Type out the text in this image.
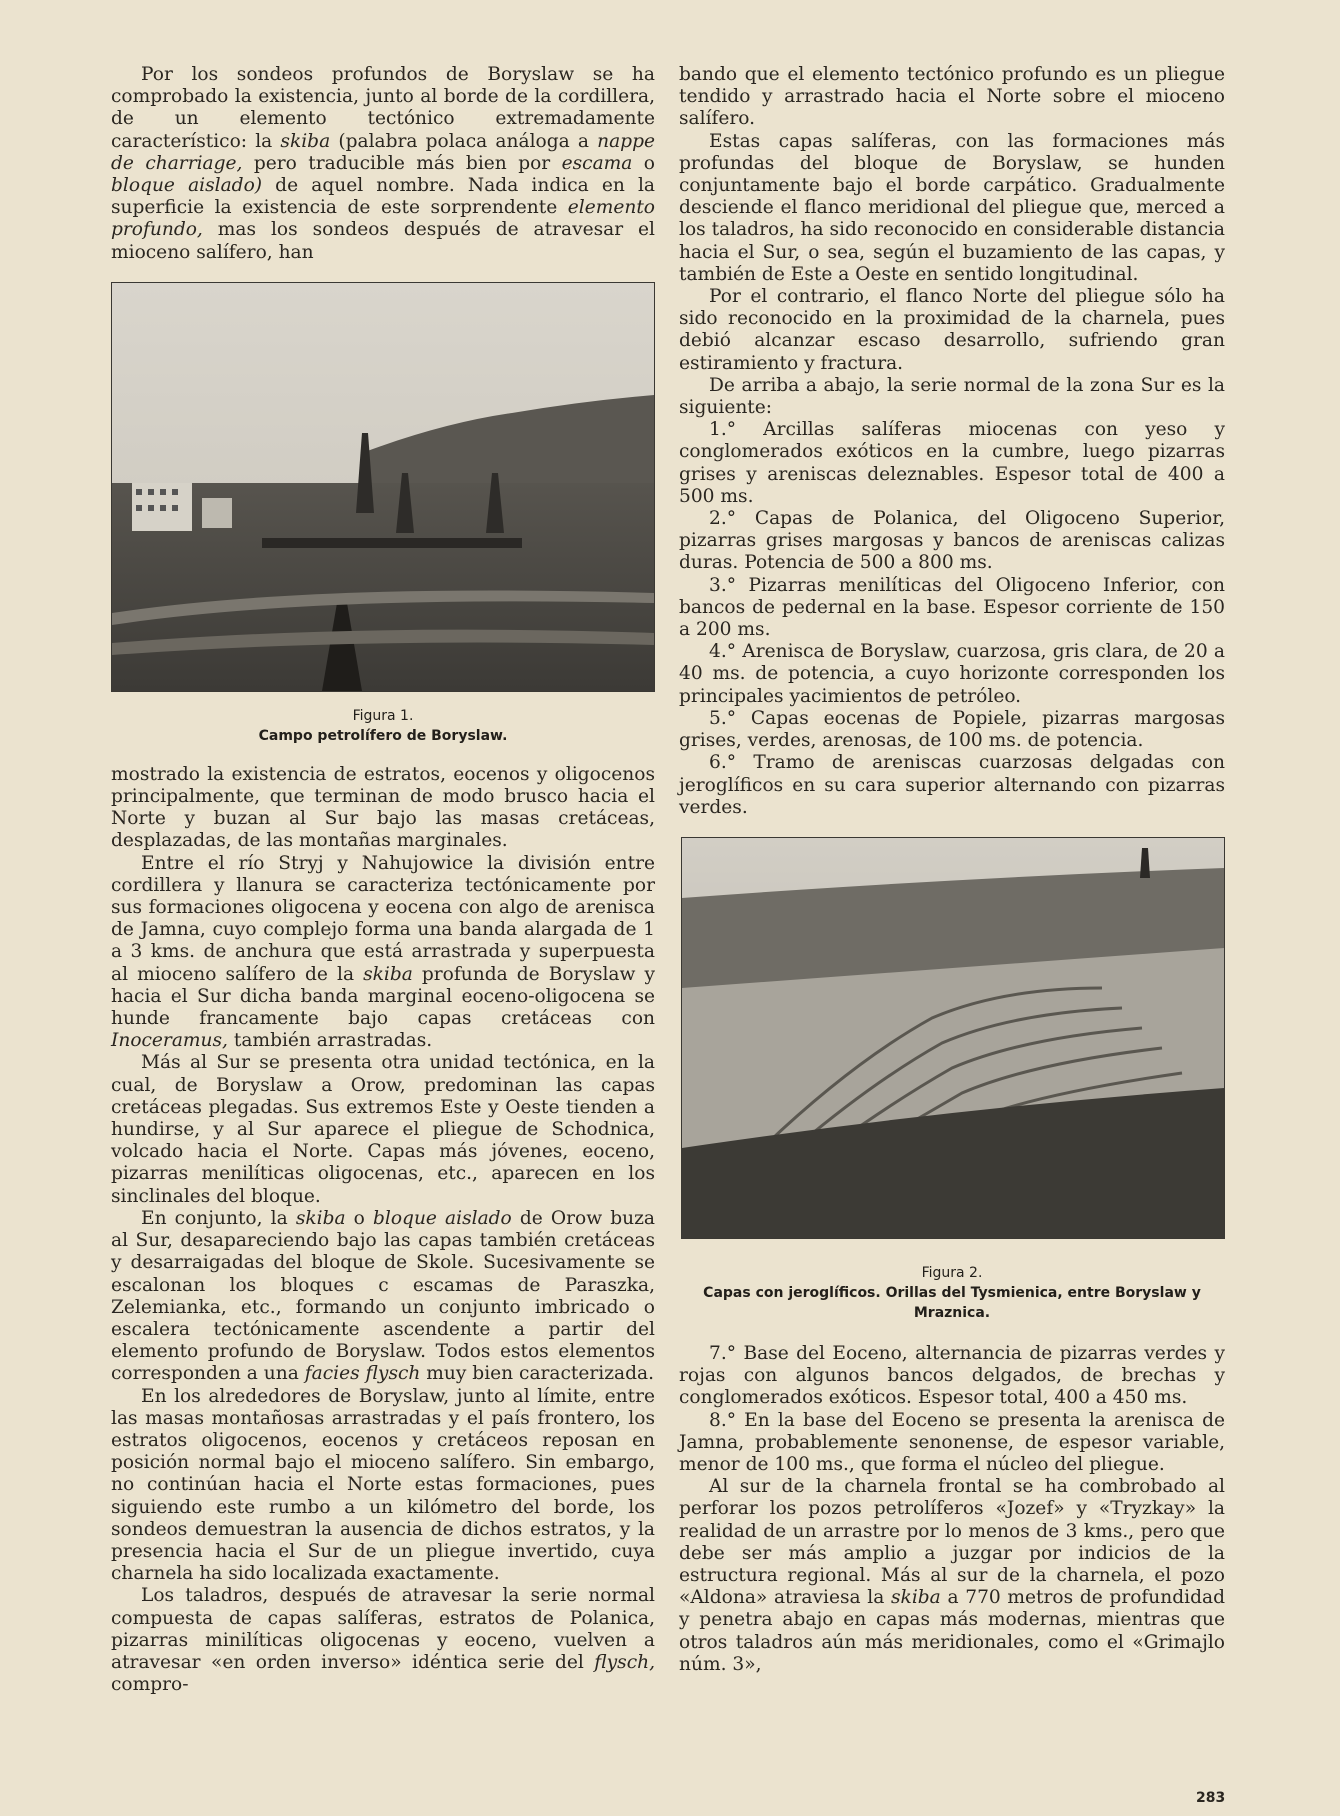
Por los sondeos profundos de Boryslaw se ha comprobado la existencia, junto al borde de la cordillera, de un elemento tectónico extremadamente característico: la skiba (palabra polaca análoga a nappe de charriage, pero traducible más bien por escama o bloque aislado) de aquel nombre. Nada indica en la superficie la existencia de este sorprendente elemento profundo, mas los sondeos después de atravesar el mioceno salífero, han

Figura 1.
Campo petrolífero de Boryslaw.

mostrado la existencia de estratos, eocenos y oligocenos principalmente, que terminan de modo brusco hacia el Norte y buzan al Sur bajo las masas cretáceas, desplazadas, de las montañas marginales.

Entre el río Stryj y Nahujowice la división entre cordillera y llanura se caracteriza tectónicamente por sus formaciones oligocena y eocena con algo de arenisca de Jamna, cuyo complejo forma una banda alargada de 1 a 3 kms. de anchura que está arrastrada y superpuesta al mioceno salífero de la skiba profunda de Boryslaw y hacia el Sur dicha banda marginal eoceno-oligocena se hunde francamente bajo capas cretáceas con Inoceramus, también arrastradas.

Más al Sur se presenta otra unidad tectónica, en la cual, de Boryslaw a Orow, predominan las capas cretáceas plegadas. Sus extremos Este y Oeste tienden a hundirse, y al Sur aparece el pliegue de Schodnica, volcado hacia el Norte. Capas más jóvenes, eoceno, pizarras menilíticas oligocenas, etc., aparecen en los sinclinales del bloque.

En conjunto, la skiba o bloque aislado de Orow buza al Sur, desapareciendo bajo las capas también cretáceas y desarraigadas del bloque de Skole. Sucesivamente se escalonan los bloques c escamas de Paraszka, Zelemianka, etc., formando un conjunto imbricado o escalera tectónicamente ascendente a partir del elemento profundo de Boryslaw. Todos estos elementos corresponden a una facies flysch muy bien caracterizada.

En los alrededores de Boryslaw, junto al límite, entre las masas montañosas arrastradas y el país frontero, los estratos oligocenos, eocenos y cretáceos reposan en posición normal bajo el mioceno salífero. Sin embargo, no continúan hacia el Norte estas formaciones, pues siguiendo este rumbo a un kilómetro del borde, los sondeos demuestran la ausencia de dichos estratos, y la presencia hacia el Sur de un pliegue invertido, cuya charnela ha sido localizada exactamente.

Los taladros, después de atravesar la serie normal compuesta de capas salíferas, estratos de Polanica, pizarras minilíticas oligocenas y eoceno, vuelven a atravesar «en orden inverso» idéntica serie del flysch, compro-

bando que el elemento tectónico profundo es un pliegue tendido y arrastrado hacia el Norte sobre el mioceno salífero.

Estas capas salíferas, con las formaciones más profundas del bloque de Boryslaw, se hunden conjuntamente bajo el borde carpático. Gradualmente desciende el flanco meridional del pliegue que, merced a los taladros, ha sido reconocido en considerable distancia hacia el Sur, o sea, según el buzamiento de las capas, y también de Este a Oeste en sentido longitudinal.

Por el contrario, el flanco Norte del pliegue sólo ha sido reconocido en la proximidad de la charnela, pues debió alcanzar escaso desarrollo, sufriendo gran estiramiento y fractura.

De arriba a abajo, la serie normal de la zona Sur es la siguiente:

1.° Arcillas salíferas miocenas con yeso y conglomerados exóticos en la cumbre, luego pizarras grises y areniscas deleznables. Espesor total de 400 a 500 ms.

2.° Capas de Polanica, del Oligoceno Superior, pizarras grises margosas y bancos de areniscas calizas duras. Potencia de 500 a 800 ms.

3.° Pizarras menilíticas del Oligoceno Inferior, con bancos de pedernal en la base. Espesor corriente de 150 a 200 ms.

4.° Arenisca de Boryslaw, cuarzosa, gris clara, de 20 a 40 ms. de potencia, a cuyo horizonte corresponden los principales yacimientos de petróleo.

5.° Capas eocenas de Popiele, pizarras margosas grises, verdes, arenosas, de 100 ms. de potencia.

6.° Tramo de areniscas cuarzosas delgadas con jeroglíficos en su cara superior alternando con pizarras verdes.

Figura 2.
Capas con jeroglíficos. Orillas del Tysmienica, entre Boryslaw y Mraznica.

7.° Base del Eoceno, alternancia de pizarras verdes y rojas con algunos bancos delgados, de brechas y conglomerados exóticos. Espesor total, 400 a 450 ms.

8.° En la base del Eoceno se presenta la arenisca de Jamna, probablemente senonense, de espesor variable, menor de 100 ms., que forma el núcleo del pliegue.

Al sur de la charnela frontal se ha combrobado al perforar los pozos petrolíferos «Jozef» y «Tryzkay» la realidad de un arrastre por lo menos de 3 kms., pero que debe ser más amplio a juzgar por indicios de la estructura regional. Más al sur de la charnela, el pozo «Aldona» atraviesa la skiba a 770 metros de profundidad y penetra abajo en capas más modernas, mientras que otros taladros aún más meridionales, como el «Grimajlo núm. 3»,

283
